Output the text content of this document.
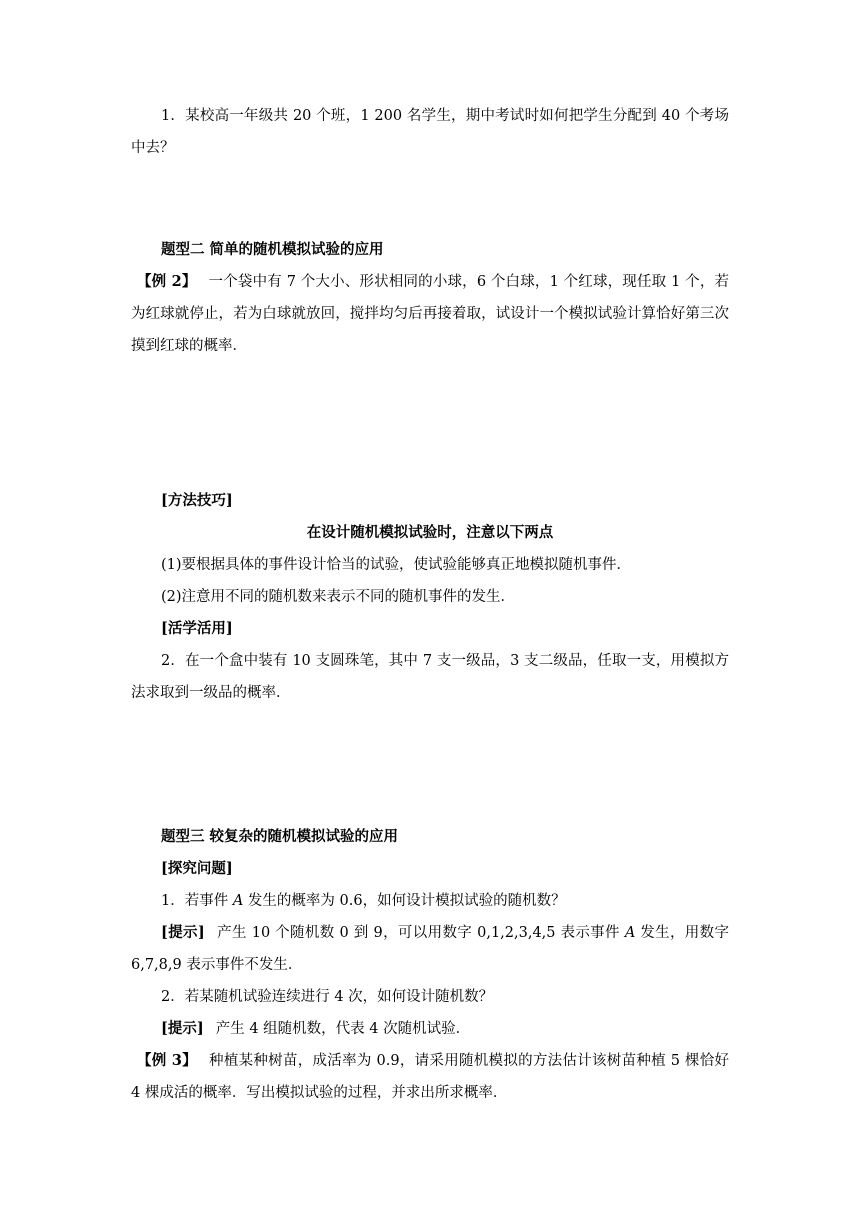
1．某校高一年级共 20 个班，1 200 名学生，期中考试时如何把学生分配到 40 个考场中去？

题型二 简单的随机模拟试验的应用

【例 2】 一个袋中有 7 个大小、形状相同的小球，6 个白球，1 个红球，现任取 1 个，若为红球就停止，若为白球就放回，搅拌均匀后再接着取，试设计一个模拟试验计算恰好第三次摸到红球的概率．

[方法技巧]

在设计随机模拟试验时，注意以下两点

(1)要根据具体的事件设计恰当的试验，使试验能够真正地模拟随机事件．

(2)注意用不同的随机数来表示不同的随机事件的发生．

[活学活用]

2．在一个盒中装有 10 支圆珠笔，其中 7 支一级品，3 支二级品，任取一支，用模拟方法求取到一级品的概率．

题型三 较复杂的随机模拟试验的应用

[探究问题]

1．若事件 A 发生的概率为 0.6，如何设计模拟试验的随机数？

[提示] 产生 10 个随机数 0 到 9，可以用数字 0,1,2,3,4,5 表示事件 A 发生，用数字 6,7,8,9 表示事件不发生．

2．若某随机试验连续进行 4 次，如何设计随机数？

[提示] 产生 4 组随机数，代表 4 次随机试验．

【例 3】 种植某种树苗，成活率为 0.9，请采用随机模拟的方法估计该树苗种植 5 棵恰好 4 棵成活的概率．写出模拟试验的过程，并求出所求概率．
